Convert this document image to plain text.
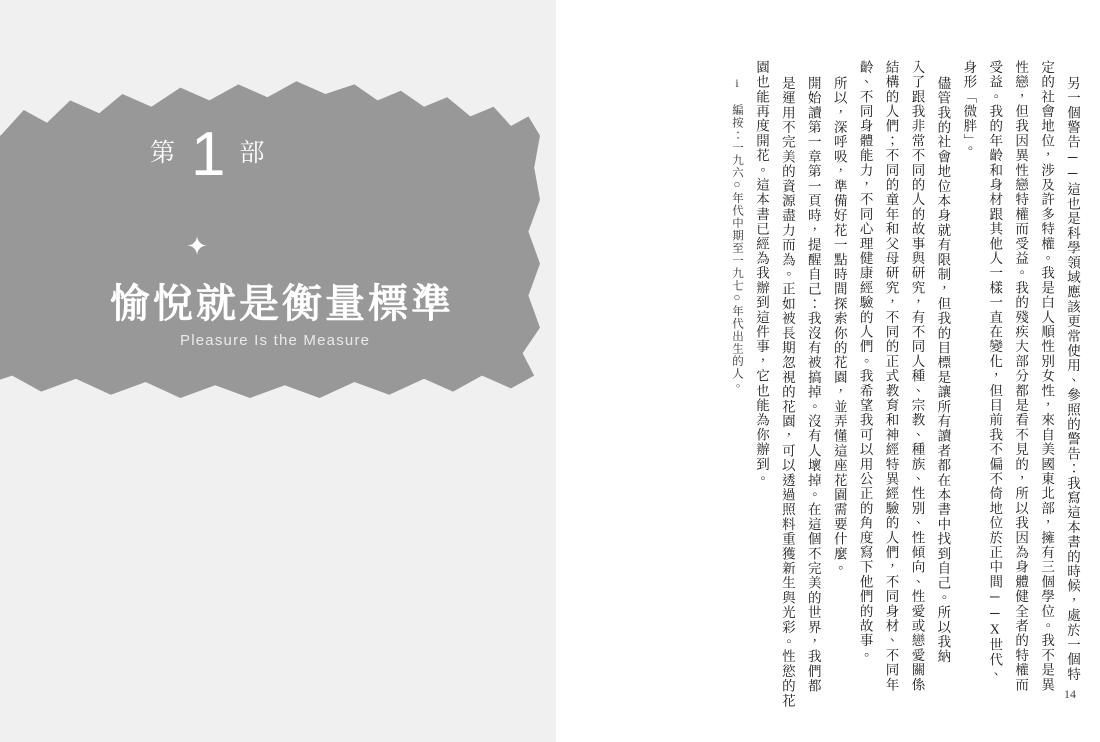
第 1 部
✦
愉悅就是衡量標準
Pleasure Is the Measure	i 編按：一九六○年代中期至一九七○年代出生的人。 園也能再度開花。這本書已經為我辦到這件事，它也能為你辦到。 是運用不完美的資源盡力而為。正如被長期忽視的花園，可以透過照料重獲新生與光彩。性慾的花 開始讀第一章第一頁時，提醒自己：我沒有被搞掉。沒有人壞掉。在這個不完美的世界，我們都 所以，深呼吸，準備好花一點時間探索你的花園，並弄懂這座花園需要什麼。 齡、不同身體能力，不同心理健康經驗的人們。我希望我可以用公正的角度寫下他們的故事。 結構的人們；不同的童年和父母研究，不同的正式教育和神經特異經驗的人們，不同身材、不同年 入了跟我非常不同的人的故事與研究，有不同人種、宗教、種族、性別、性傾向、性愛或戀愛關係 儘管我的社會地位本身就有限制，但我的目標是讓所有讀者都在本書中找到自己。所以我納 身形「微胖」。 受益。我的年齡和身材跟其他人一樣一直在變化，但目前我不偏不倚地位於正中間──X世代、 性戀，但我因異性戀特權而受益。我的殘疾大部分都是看不見的，所以我因為身體健全者的特權而 定的社會地位，涉及許多特權。我是白人順性別女性，來自美國東北部，擁有三個學位。我不是異 另一個警告──這也是科學領域應該更常使用、參照的警告：我寫這本書的時候，處於一個特
14
